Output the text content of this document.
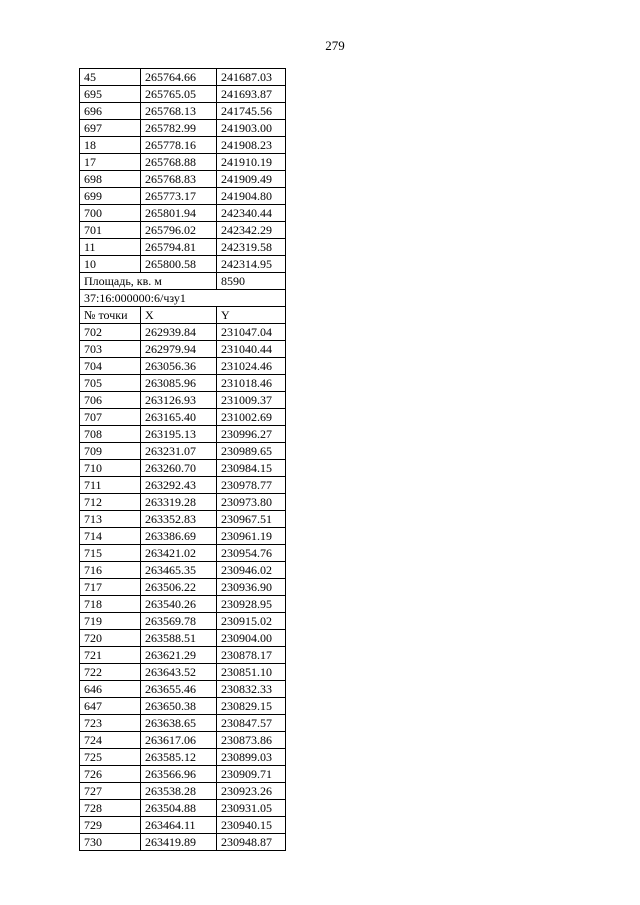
279
45	265764.66	241687.03
695	265765.05	241693.87
696	265768.13	241745.56
697	265782.99	241903.00
18	265778.16	241908.23
17	265768.88	241910.19
698	265768.83	241909.49
699	265773.17	241904.80
700	265801.94	242340.44
701	265796.02	242342.29
11	265794.81	242319.58
10	265800.58	242314.95
Площадь, кв. м		8590
37:16:000000:6/чзу1		
№ точки	X	Y
702	262939.84	231047.04
703	262979.94	231040.44
704	263056.36	231024.46
705	263085.96	231018.46
706	263126.93	231009.37
707	263165.40	231002.69
708	263195.13	230996.27
709	263231.07	230989.65
710	263260.70	230984.15
711	263292.43	230978.77
712	263319.28	230973.80
713	263352.83	230967.51
714	263386.69	230961.19
715	263421.02	230954.76
716	263465.35	230946.02
717	263506.22	230936.90
718	263540.26	230928.95
719	263569.78	230915.02
720	263588.51	230904.00
721	263621.29	230878.17
722	263643.52	230851.10
646	263655.46	230832.33
647	263650.38	230829.15
723	263638.65	230847.57
724	263617.06	230873.86
725	263585.12	230899.03
726	263566.96	230909.71
727	263538.28	230923.26
728	263504.88	230931.05
729	263464.11	230940.15
730	263419.89	230948.87
